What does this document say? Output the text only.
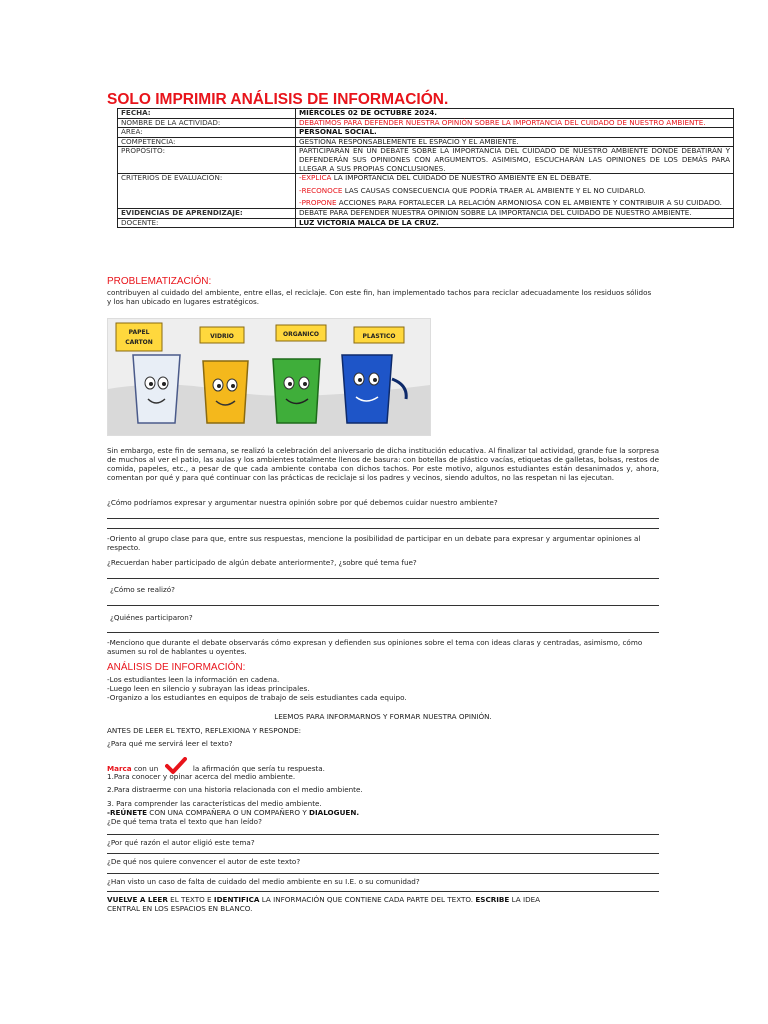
SOLO IMPRIMIR ANÁLISIS DE INFORMACIÓN.
FECHA:	MIÉRCOLES 02 DE OCTUBRE 2024.
NOMBRE DE LA ACTIVIDAD:	DEBATIMOS PARA DEFENDER NUESTRA OPINIÓN SOBRE LA IMPORTANCIA DEL CUIDADO DE NUESTRO AMBIENTE.
ÁREA:	PERSONAL SOCIAL.
COMPETENCIA:	GESTIONA RESPONSABLEMENTE EL ESPACIO Y EL AMBIENTE.
PROPÓSITO:	PARTICIPARÁN EN UN DEBATE SOBRE LA IMPORTANCIA DEL CUIDADO DE NUESTRO AMBIENTE DONDE DEBATIRÁN Y DEFENDERÁN SUS OPINIONES CON ARGUMENTOS. ASIMISMO, ESCUCHARÁN LAS OPINIONES DE LOS DEMÁS PARA LLEGAR A SUS PROPIAS CONCLUSIONES.
CRITERIOS DE EVALUACIÓN:	-EXPLICA LA IMPORTANCIA DEL CUIDADO DE NUESTRO AMBIENTE EN EL DEBATE.
-RECONOCE LAS CAUSAS CONSECUENCIA QUE PODRÍA TRAER AL AMBIENTE Y EL NO CUIDARLO.
-PROPONE ACCIONES PARA FORTALECER LA RELACIÓN ARMONIOSA CON EL AMBIENTE Y CONTRIBUIR A SU CUIDADO.

EVIDENCIAS DE APRENDIZAJE:	DEBATE PARA DEFENDER NUESTRA OPINIÓN SOBRE LA IMPORTANCIA DEL CUIDADO DE NUESTRO AMBIENTE.
DOCENTE:	LUZ VICTORIA MALCA DE LA CRUZ.
PROBLEMATIZACIÓN:
contribuyen al cuidado del ambiente, entre ellas, el reciclaje. Con este fin, han implementado tachos para reciclar adecuadamente los residuos sólidos y los han ubicado en lugares estratégicos.
PAPEL
CARTON
VIDRIO	ORGANICO	PLASTICO
Sin embargo, este fin de semana, se realizó la celebración del aniversario de dicha institución educativa. Al finalizar tal actividad, grande fue la sorpresa de muchos al ver el patio, las aulas y los ambientes totalmente llenos de basura: con botellas de plástico vacías, etiquetas de galletas, bolsas, restos de comida, papeles, etc., a pesar de que cada ambiente contaba con dichos tachos. Por este motivo, algunos estudiantes están desanimados y, ahora, comentan por qué y para qué continuar con las prácticas de reciclaje si los padres y vecinos, siendo adultos, no las respetan ni las ejecutan.
¿Cómo podríamos expresar y argumentar nuestra opinión sobre por qué debemos cuidar nuestro ambiente?
-Oriento al grupo clase para que, entre sus respuestas, mencione la posibilidad de participar en un debate para expresar y argumentar opiniones al respecto.
¿Recuerdan haber participado de algún debate anteriormente?, ¿sobre qué tema fue?
¿Cómo se realizó?
¿Quiénes participaron?
-Menciono que durante el debate observarás cómo expresan y defienden sus opiniones sobre el tema con ideas claras y centradas, asimismo, cómo asumen su rol de hablantes u oyentes.
ANÁLISIS DE INFORMACIÓN:
-Los estudiantes leen la información en cadena.
-Luego leen en silencio y subrayan las ideas principales.
-Organizo a los estudiantes en equipos de trabajo de seis estudiantes cada equipo.
LEEMOS PARA INFORMARNOS Y FORMAR NUESTRA OPINIÓN.
ANTES DE LEER EL TEXTO, REFLEXIONA Y RESPONDE:
¿Para qué me servirá leer el texto?
Marca con un	la afirmación que sería tu respuesta.
1.Para conocer y opinar acerca del medio ambiente.
2.Para distraerme con una historia relacionada con el medio ambiente.
3. Para comprender las características del medio ambiente.
-REÚNETE CON UNA COMPAÑERA O UN COMPAÑERO Y DIALOGUEN.
¿De qué tema trata el texto que han leído?
¿Por qué razón el autor eligió este tema?
¿De qué nos quiere convencer el autor de este texto?
¿Han visto un caso de falta de cuidado del medio ambiente en su I.E. o su comunidad?
VUELVE A LEER EL TEXTO E IDENTIFICA LA INFORMACIÓN QUE CONTIENE CADA PARTE DEL TEXTO. ESCRIBE LA IDEA
CENTRAL EN LOS ESPACIOS EN BLANCO.
